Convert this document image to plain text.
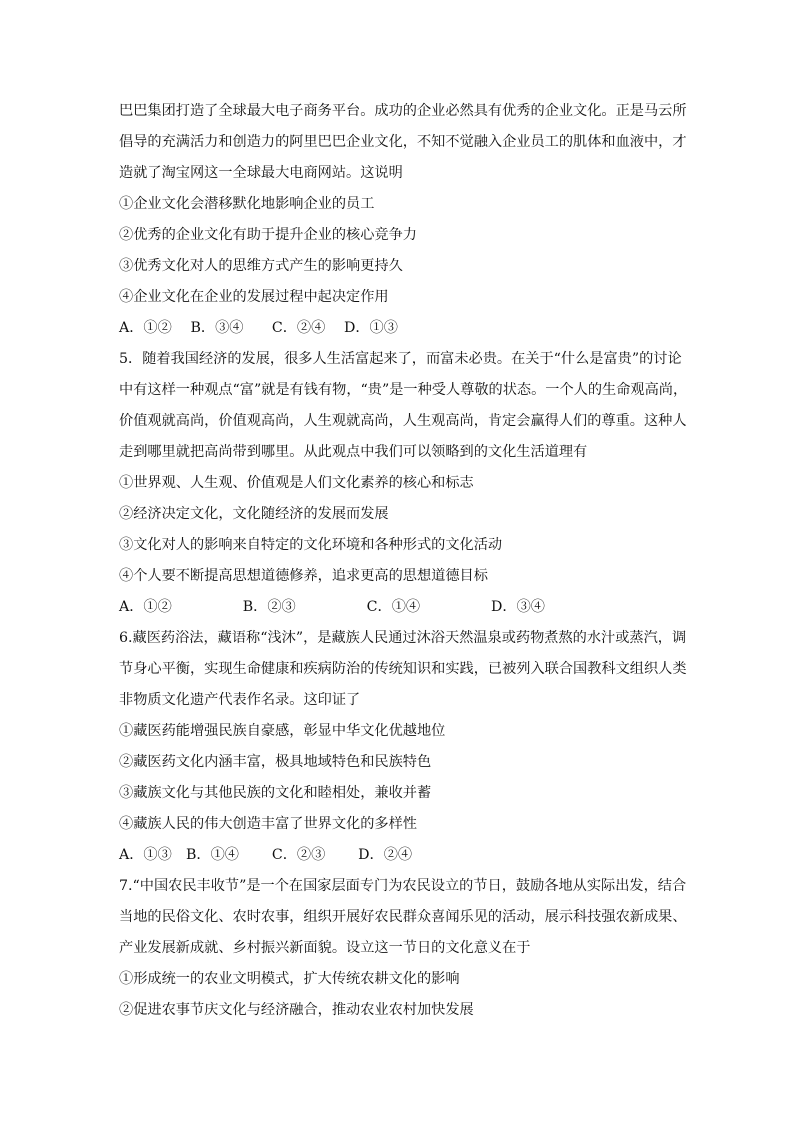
巴巴集团打造了全球最大电子商务平台。成功的企业必然具有优秀的企业文化。正是马云所
倡导的充满活力和创造力的阿里巴巴企业文化，不知不觉融入企业员工的肌体和血液中，才
造就了淘宝网这一全球最大电商网站。这说明
①企业文化会潜移默化地影响企业的员工
②优秀的企业文化有助于提升企业的核心竞争力
③优秀文化对人的思维方式产生的影响更持久
④企业文化在企业的发展过程中起决定作用
A．①②　 B．③④　　C．②④　 D．①③
5．随着我国经济的发展，很多人生活富起来了，而富未必贵。在关于“什么是富贵”的讨论
中有这样一种观点“富”就是有钱有物，“贵”是一种受人尊敬的状态。一个人的生命观高尚，
价值观就高尚，价值观高尚，人生观就高尚，人生观高尚，肯定会赢得人们的尊重。这种人
走到哪里就把高尚带到哪里。从此观点中我们可以领略到的文化生活道理有
①世界观、人生观、价值观是人们文化素养的核心和标志
②经济决定文化，文化随经济的发展而发展
③文化对人的影响来自特定的文化环境和各种形式的文化活动
④个人要不断提高思想道德修养，追求更高的思想道德目标
A．①②　　　　　B．②③　　　　　C．①④　　　　　D．③④
6.藏医药浴法，藏语称“浅沐”，是藏族人民通过沐浴天然温泉或药物煮熬的水汁或蒸汽，调
节身心平衡，实现生命健康和疾病防治的传统知识和实践，已被列入联合国教科文组织人类
非物质文化遗产代表作名录。这印证了
①藏医药能增强民族自豪感，彰显中华文化优越地位
②藏医药文化内涵丰富，极具地域特色和民族特色
③藏族文化与其他民族的文化和睦相处，兼收并蓄
④藏族人民的伟大创造丰富了世界文化的多样性
A．①③　B．①④　　 C．②③　　 D．②④
7.“中国农民丰收节”是一个在国家层面专门为农民设立的节日，鼓励各地从实际出发，结合
当地的民俗文化、农时农事，组织开展好农民群众喜闻乐见的活动，展示科技强农新成果、
产业发展新成就、乡村振兴新面貌。设立这一节日的文化意义在于
①形成统一的农业文明模式，扩大传统农耕文化的影响
②促进农事节庆文化与经济融合，推动农业农村加快发展
